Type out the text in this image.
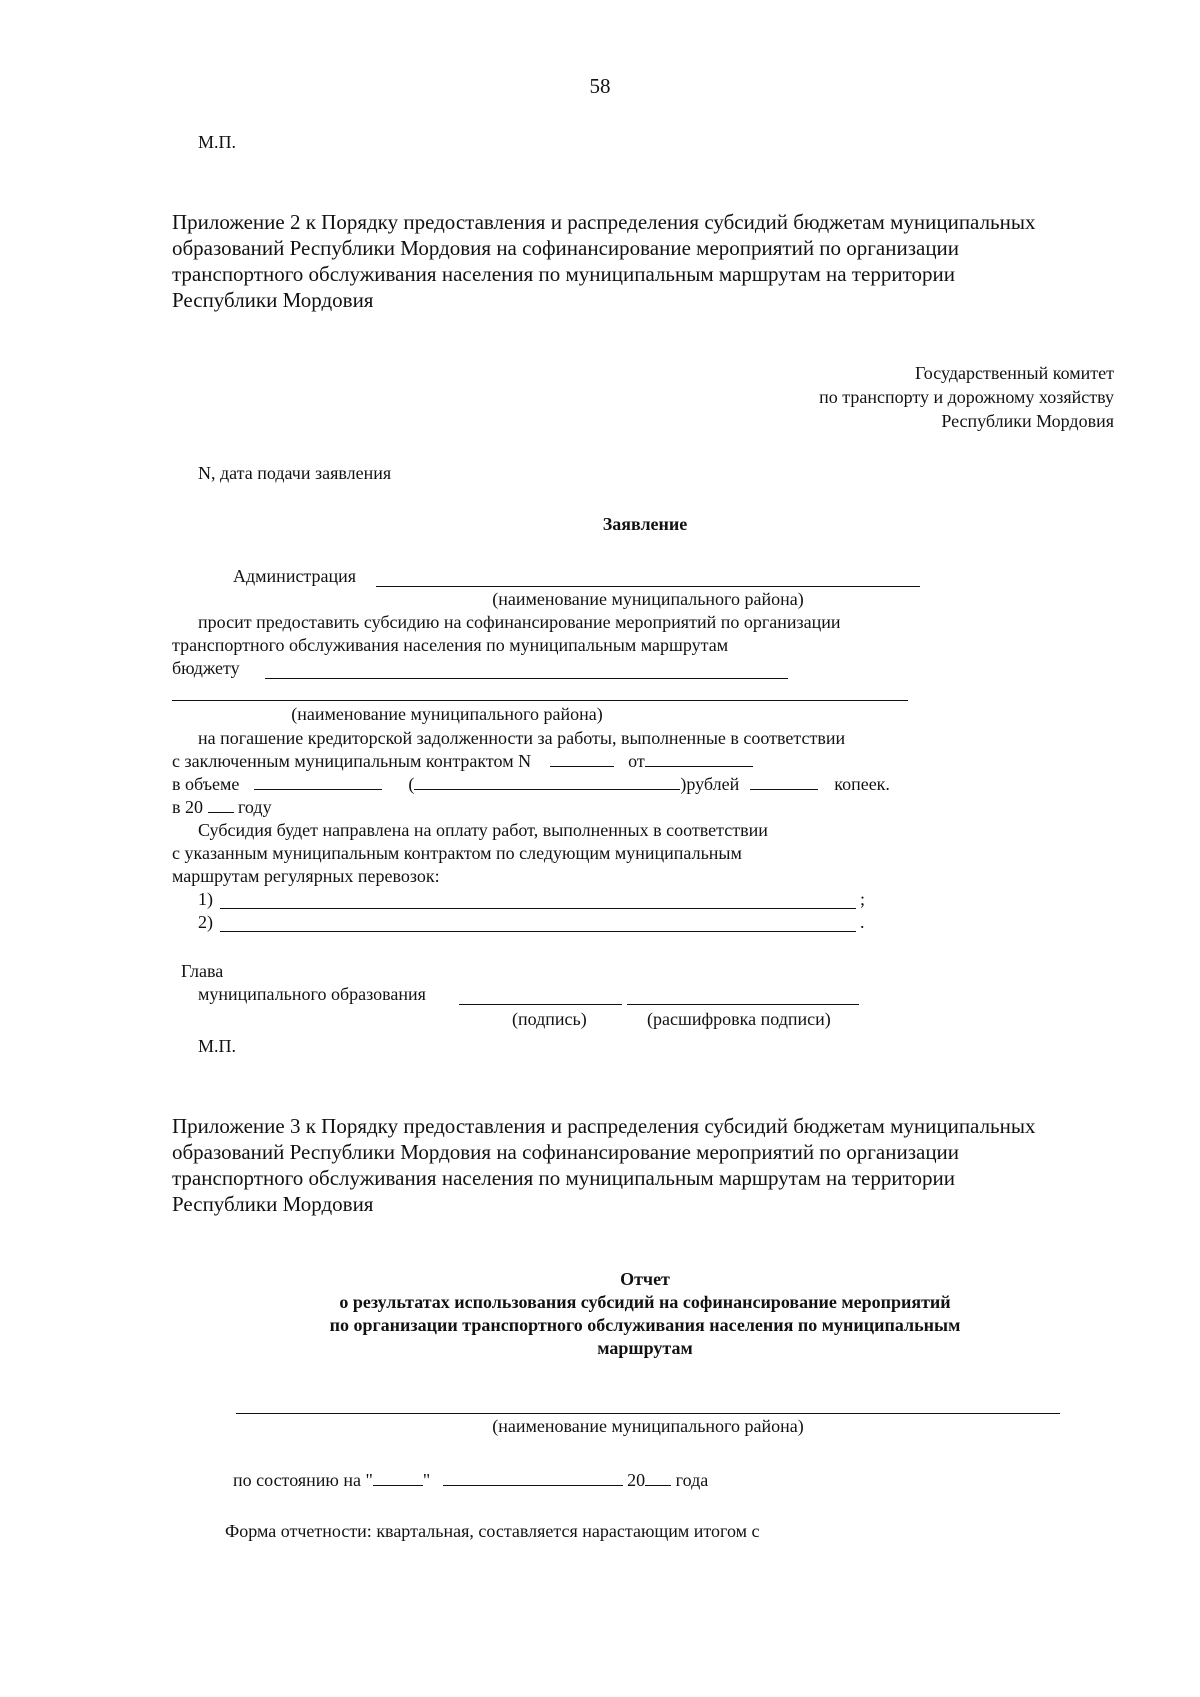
58
М.П.
Приложение 2 к Порядку предоставления и распределения субсидий бюджетам муниципальных
образований Республики Мордовия на софинансирование мероприятий по организации
транспортного обслуживания населения по муниципальным маршрутам на территории
Республики Мордовия
Государственный комитет
по транспорту и дорожному хозяйству
Республики Мордовия
N, дата подачи заявления
Заявление
Администрация
(наименование муниципального района)
просит предоставить субсидию на софинансирование мероприятий по организации
транспортного обслуживания населения по муниципальным маршрутам
бюджету
(наименование муниципального района)
на погашение кредиторской задолженности за работы, выполненные в соответствии
с заключенным муниципальным контрактом N	от
в объеме	(	)рублей	копеек.
в 20 году
Субсидия будет направлена на оплату работ, выполненных в соответствии
с указанным муниципальным контрактом по следующим муниципальным
маршрутам регулярных перевозок:
1)	;
2)	.
Глава
муниципального образования
(подпись)	(расшифровка подписи)
М.П.
Приложение 3 к Порядку предоставления и распределения субсидий бюджетам муниципальных
образований Республики Мордовия на софинансирование мероприятий по организации
транспортного обслуживания населения по муниципальным маршрутам на территории
Республики Мордовия
Отчет
о результатах использования субсидий на софинансирование мероприятий
по организации транспортного обслуживания населения по муниципальным
маршрутам
(наименование муниципального района)
по состоянию на "	"	20 года
Форма отчетности: квартальная, составляется нарастающим итогом с
